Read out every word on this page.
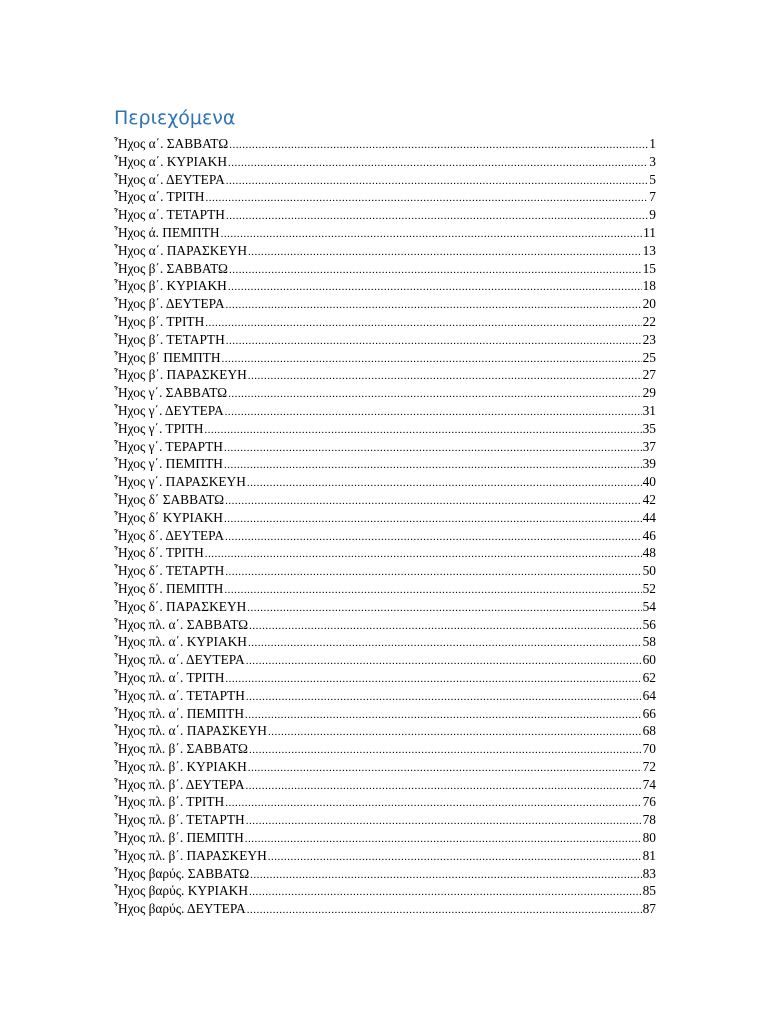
Περιεχόμενα
Ἦχος α΄. ΣΑΒΒΑΤΩ .....	1
Ἦχος α΄. ΚΥΡΙΑΚΗ .....	3
Ἦχος α΄. ΔΕΥΤΕΡΑ .....	5
Ἦχος α΄. ΤΡΙΤΗ .....	7
Ἦχος α΄. ΤΕΤΑΡΤΗ .....	9
Ἦχος ά. ΠΕΜΠΤΗ .....	11
Ἦχος α΄. ΠΑΡΑΣΚΕΥΗ .....	13
Ἦχος β΄. ΣΑΒΒΑΤΩ .....	15
Ἦχος β΄. ΚΥΡΙΑΚΗ .....	18
Ἦχος β΄. ΔΕΥΤΕΡΑ .....	20
Ἦχος β΄. ΤΡΙΤΗ .....	22
Ἦχος β΄. ΤΕΤΑΡΤΗ .....	23
Ἦχος β΄ ΠΕΜΠΤΗ .....	25
Ἦχος β΄. ΠΑΡΑΣΚΕΥΗ .....	27
Ἦχος γ΄. ΣΑΒΒΑΤΩ .....	29
Ἦχος γ΄. ΔΕΥΤΕΡΑ .....	31
Ἦχος γ΄. ΤΡΙΤΗ .....	35
Ἦχος γ΄. ΤΕΡΑΡΤΗ .....	37
Ἦχος γ΄. ΠΕΜΠΤΗ .....	39
Ἦχος γ΄. ΠΑΡΑΣΚΕΥΗ .....	40
Ἦχος δ΄ ΣΑΒΒΑΤΩ .....	42
Ἦχος δ΄ ΚΥΡΙΑΚΗ .....	44
Ἦχος δ΄. ΔΕΥΤΕΡΑ .....	46
Ἦχος δ΄. ΤΡΙΤΗ .....	48
Ἦχος δ΄. ΤΕΤΑΡΤΗ .....	50
Ἦχος δ΄. ΠΕΜΠΤΗ .....	52
Ἦχος δ΄. ΠΑΡΑΣΚΕΥΗ .....	54
Ἦχος πλ. α΄. ΣΑΒΒΑΤΩ .....	56
Ἦχος πλ. α΄. ΚΥΡΙΑΚΗ .....	58
Ἦχος πλ. α΄. ΔΕΥΤΕΡΑ .....	60
Ἦχος πλ. α΄. ΤΡΙΤΗ .....	62
Ἦχος πλ. α΄. ΤΕΤΑΡΤΗ .....	64
Ἦχος πλ. α΄. ΠΕΜΠΤΗ .....	66
Ἦχος πλ. α΄. ΠΑΡΑΣΚΕΥΗ .....	68
Ἦχος πλ. β΄. ΣΑΒΒΑΤΩ .....	70
Ἦχος πλ. β΄. ΚΥΡΙΑΚΗ .....	72
Ἦχος πλ. β΄. ΔΕΥΤΕΡΑ .....	74
Ἦχος πλ. β΄. ΤΡΙΤΗ .....	76
Ἦχος πλ. β΄. ΤΕΤΑΡΤΗ .....	78
Ἦχος πλ. β΄. ΠΕΜΠΤΗ .....	80
Ἦχος πλ. β΄. ΠΑΡΑΣΚΕΥΗ .....	81
Ἦχος βαρύς. ΣΑΒΒΑΤΩ .....	83
Ἦχος βαρύς. ΚΥΡΙΑΚΗ .....	85
Ἦχος βαρύς. ΔΕΥΤΕΡΑ .....	87
